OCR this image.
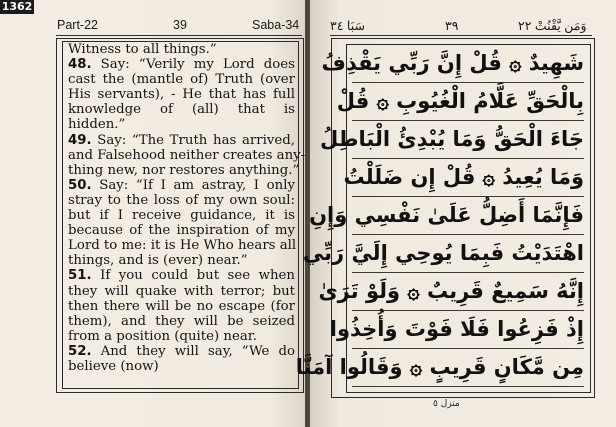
1362
Part-22	39	Saba-34
Witness to all things.”
48. Say: “Verily my Lord does
cast the (mantle of) Truth (over
His servants), - He that has full
knowledge of (all) that is
hidden.”
49. Say: “The Truth has arrived,
and Falsehood neither creates any-
thing new, nor restores anything.”
50. Say: “If I am astray, I only
stray to the loss of my own soul:
but if I receive guidance, it is
because of the inspiration of my
Lord to me: it is He Who hears all
things, and is (ever) near.”
51. If you could but see when
they will quake with terror; but
then there will be no escape (for
them), and they will be seized
from a position (quite) near.
52. And they will say, “We do
believe (now)
سَبَا ٣٤	٣٩	وَمَن يَّقْنُتْ ٢٢
شَهِيدٌ ۞ قُلْ إِنَّ رَبِّي يَقْذِفُ
بِالْحَقِّ عَلَّامُ الْغُيُوبِ ۞ قُلْ
جَاءَ الْحَقُّ وَمَا يُبْدِئُ الْبَاطِلُ
وَمَا يُعِيدُ ۞ قُلْ إِن ضَلَلْتُ
فَإِنَّمَا أَضِلُّ عَلَىٰ نَفْسِي وَإِنِ
اهْتَدَيْتُ فَبِمَا يُوحِي إِلَيَّ رَبِّي
إِنَّهُ سَمِيعٌ قَرِيبٌ ۞ وَلَوْ تَرَىٰ
إِذْ فَزِعُوا فَلَا فَوْتَ وَأُخِذُوا
مِن مَّكَانٍ قَرِيبٍ ۞ وَقَالُوا آمَنَّا
منزل ٥
